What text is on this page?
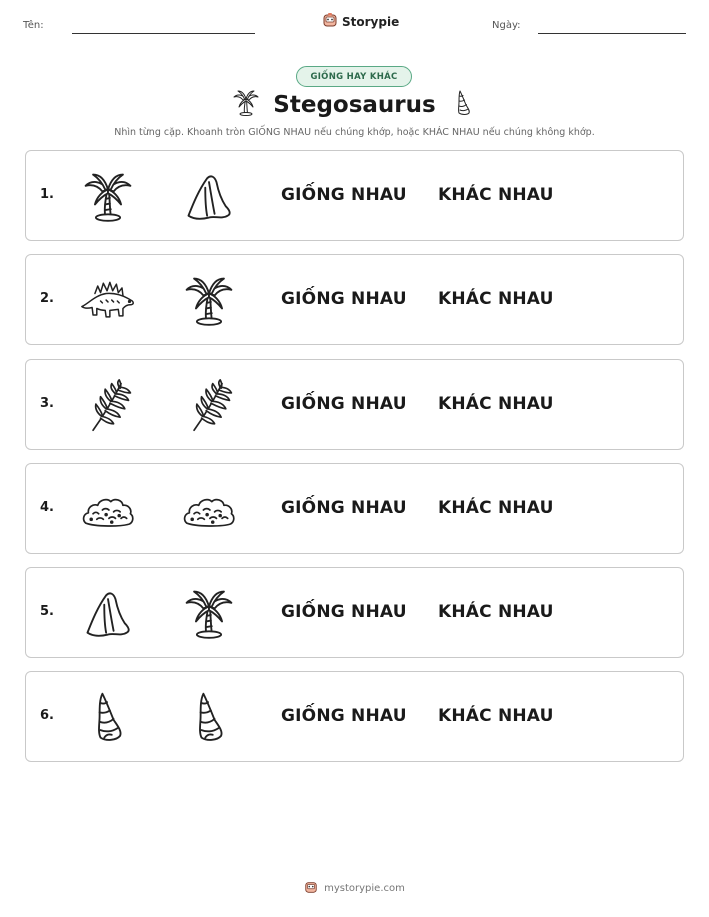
Tên:	Storypie	Ngày:
GIỐNG HAY KHÁC
Stegosaurus
Nhìn từng cặp. Khoanh tròn GIỐNG NHAU nếu chúng khớp, hoặc KHÁC NHAU nếu chúng không khớp.
1.	GIỐNG NHAU KHÁC NHAU
2.	GIỐNG NHAU KHÁC NHAU
3.	GIỐNG NHAU KHÁC NHAU
4.	GIỐNG NHAU KHÁC NHAU
5.	GIỐNG NHAU KHÁC NHAU
6.	GIỐNG NHAU KHÁC NHAU
mystorypie.com
